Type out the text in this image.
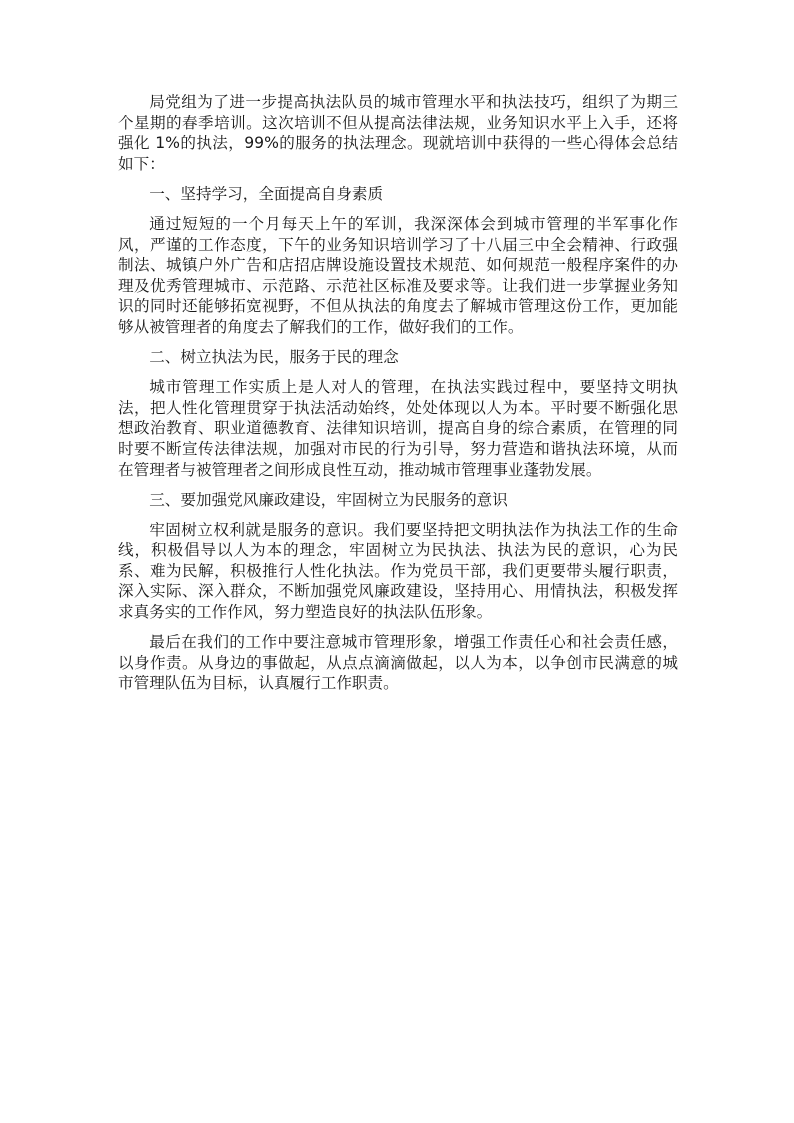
局党组为了进一步提高执法队员的城市管理水平和执法技巧，组织了为期三个星期的春季培训。这次培训不但从提高法律法规，业务知识水平上入手，还将强化 1%的执法，99%的服务的执法理念。现就培训中获得的一些心得体会总结如下：

一、坚持学习，全面提高自身素质

通过短短的一个月每天上午的军训，我深深体会到城市管理的半军事化作风，严谨的工作态度，下午的业务知识培训学习了十八届三中全会精神、行政强制法、城镇户外广告和店招店牌设施设置技术规范、如何规范一般程序案件的办理及优秀管理城市、示范路、示范社区标准及要求等。让我们进一步掌握业务知识的同时还能够拓宽视野，不但从执法的角度去了解城市管理这份工作，更加能够从被管理者的角度去了解我们的工作，做好我们的工作。

二、树立执法为民，服务于民的理念

城市管理工作实质上是人对人的管理，在执法实践过程中，要坚持文明执法，把人性化管理贯穿于执法活动始终，处处体现以人为本。平时要不断强化思想政治教育、职业道德教育、法律知识培训，提高自身的综合素质，在管理的同时要不断宣传法律法规，加强对市民的行为引导，努力营造和谐执法环境，从而在管理者与被管理者之间形成良性互动，推动城市管理事业蓬勃发展。

三、要加强党风廉政建设，牢固树立为民服务的意识

牢固树立权利就是服务的意识。我们要坚持把文明执法作为执法工作的生命线，积极倡导以人为本的理念，牢固树立为民执法、执法为民的意识，心为民系、难为民解，积极推行人性化执法。作为党员干部，我们更要带头履行职责，深入实际、深入群众，不断加强党风廉政建设，坚持用心、用情执法，积极发挥求真务实的工作作风，努力塑造良好的执法队伍形象。

最后在我们的工作中要注意城市管理形象，增强工作责任心和社会责任感，以身作责。从身边的事做起，从点点滴滴做起，以人为本，以争创市民满意的城市管理队伍为目标，认真履行工作职责。
